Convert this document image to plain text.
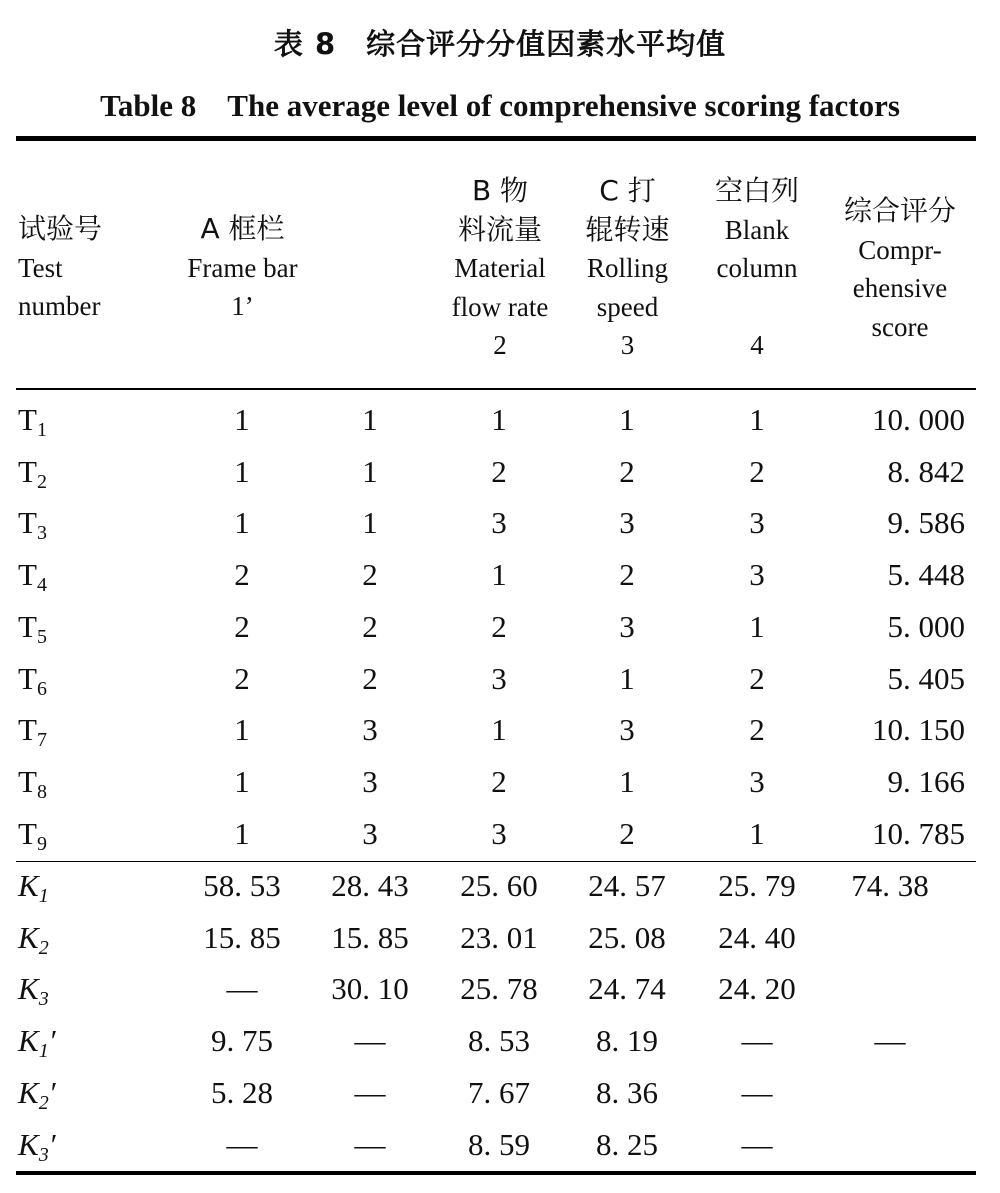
表 8　综合评分分值因素水平均值
Table 8　The average level of comprehensive scoring factors
试验号
Test
number
A 框栏
Frame bar
1’
B 物
料流量
Material
flow rate
2
C 打
辊转速
Rolling
speed
3
空白列
Blank
column

4
综合评分
Compr-
ehensive
score
$T_1$	1	1	1	1	1	10. 000
$T_2$	1	1	2	2	2	8. 842
$T_3$	1	1	3	3	3	9. 586
$T_4$	2	2	1	2	3	5. 448
$T_5$	2	2	2	3	1	5. 000
$T_6$	2	2	3	1	2	5. 405
$T_7$	1	3	1	3	2	10. 150
$T_8$	1	3	2	1	3	9. 166
$T_9$	1	3	3	2	1	10. 785
$K_1$	58. 53	28. 43	25. 60	24. 57	25. 79	74. 38
$K_2$	15. 85	15. 85	23. 01	25. 08	24. 40
$K_3$	—	30. 10	25. 78	24. 74	24. 20
$K_1'$	9. 75	—	8. 53	8. 19	—	—
$K_2'$	5. 28	—	7. 67	8. 36	—
$K_3'$	—	—	8. 59	8. 25	—
